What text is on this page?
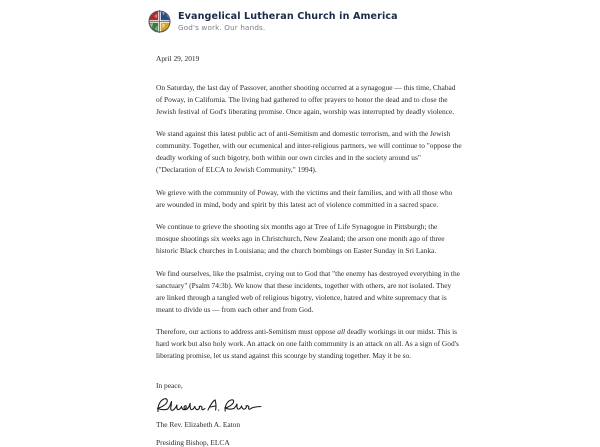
Evangelical Lutheran Church in America
God's work. Our hands.

April 29, 2019

On Saturday, the last day of Passover, another shooting occurred at a synagogue — this time, Chabad of Poway, in California. The living had gathered to offer prayers to honor the dead and to close the Jewish festival of God's liberating promise. Once again, worship was interrupted by deadly violence.

We stand against this latest public act of anti-Semitism and domestic terrorism, and with the Jewish community. Together, with our ecumenical and inter-religious partners, we will continue to "oppose the deadly working of such bigotry, both within our own circles and in the society around us" ("Declaration of ELCA to Jewish Community," 1994).

We grieve with the community of Poway, with the victims and their families, and with all those who are wounded in mind, body and spirit by this latest act of violence committed in a sacred space.

We continue to grieve the shooting six months ago at Tree of Life Synagogue in Pittsburgh; the mosque shootings six weeks ago in Christchurch, New Zealand; the arson one month ago of three historic Black churches in Louisiana; and the church bombings on Easter Sunday in Sri Lanka.

We find ourselves, like the psalmist, crying out to God that "the enemy has destroyed everything in the sanctuary" (Psalm 74:3b). We know that these incidents, together with others, are not isolated. They are linked through a tangled web of religious bigotry, violence, hatred and white supremacy that is meant to divide us — from each other and from God.

Therefore, our actions to address anti-Semitism must oppose all deadly workings in our midst. This is hard work but also holy work. An attack on one faith community is an attack on all. As a sign of God's liberating promise, let us stand against this scourge by standing together. May it be so.

In peace,

The Rev. Elizabeth A. Eaton

Presiding Bishop, ELCA
